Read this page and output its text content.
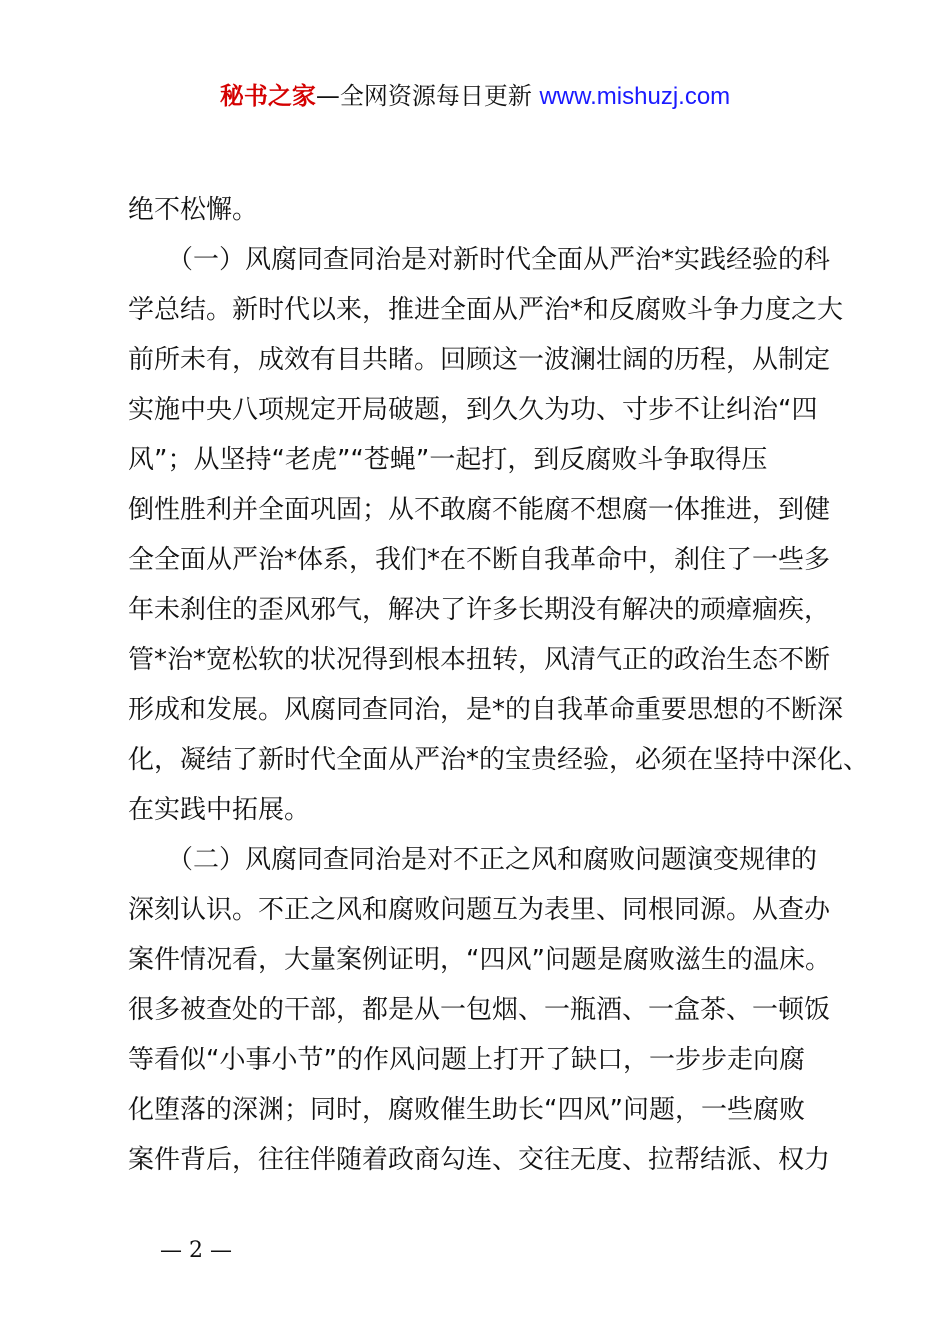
秘书之家—全网资源每日更新 www.mishuzj.com
绝不松懈。
　　（一）风腐同查同治是对新时代全面从严治*实践经验的科
学总结。新时代以来，推进全面从严治*和反腐败斗争力度之大
前所未有，成效有目共睹。回顾这一波澜壮阔的历程，从制定
实施中央八项规定开局破题，到久久为功、寸步不让纠治“四
风”；从坚持“老虎”“苍蝇”一起打，到反腐败斗争取得压
倒性胜利并全面巩固；从不敢腐不能腐不想腐一体推进，到健
全全面从严治*体系，我们*在不断自我革命中，刹住了一些多
年未刹住的歪风邪气，解决了许多长期没有解决的顽瘴痼疾，
管*治*宽松软的状况得到根本扭转，风清气正的政治生态不断
形成和发展。风腐同查同治，是*的自我革命重要思想的不断深
化，凝结了新时代全面从严治*的宝贵经验，必须在坚持中深化、
在实践中拓展。
　　（二）风腐同查同治是对不正之风和腐败问题演变规律的
深刻认识。不正之风和腐败问题互为表里、同根同源。从查办
案件情况看，大量案例证明，“四风”问题是腐败滋生的温床。
很多被查处的干部，都是从一包烟、一瓶酒、一盒茶、一顿饭
等看似“小事小节”的作风问题上打开了缺口，一步步走向腐
化堕落的深渊；同时，腐败催生助长“四风”问题，一些腐败
案件背后，往往伴随着政商勾连、交往无度、拉帮结派、权力
— 2 —
